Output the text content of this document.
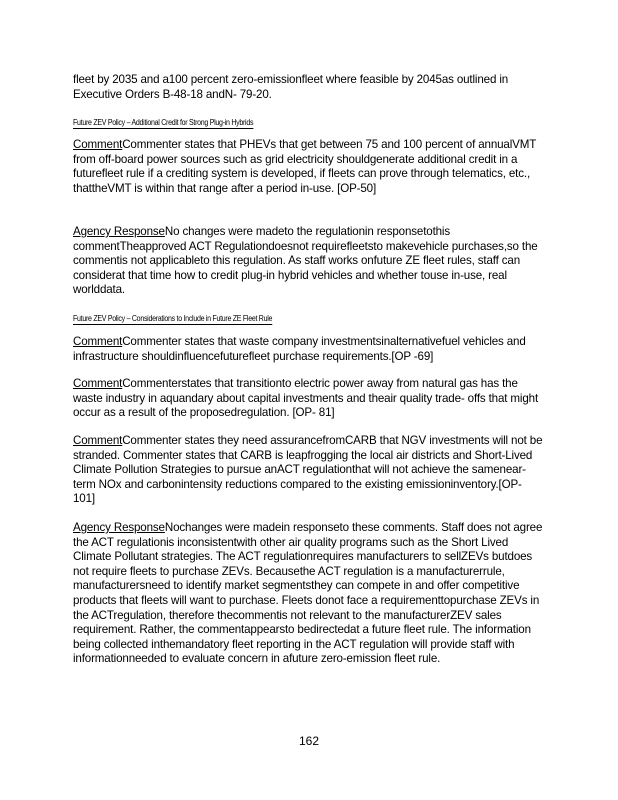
fleet by 2035 and a100 percent zero-emissionfleet where feasible by 2045as outlined in Executive Orders B-48-18 andN- 79-20.

Future ZEV Policy – Additional Credit for Strong Plug-in Hybrids

CommentCommenter states that PHEVs that get between 75 and 100 percent of annualVMT from off-board power sources such as grid electricity shouldgenerate additional credit in a futurefleet rule if a crediting system is developed, if fleets can prove through telematics, etc., thattheVMT is within that range after a period in-use. [OP-50]

Agency ResponseNo changes were madeto the regulationin responsetothis commentTheapproved ACT Regulationdoesnot requirefleetsto makevehicle purchases,so the commentis not applicableto this regulation. As staff works onfuture ZE fleet rules, staff can considerat that time how to credit plug-in hybrid vehicles and whether touse in-use, real worlddata.

Future ZEV Policy – Considerations to Include in Future ZE Fleet Rule

CommentCommenter states that waste company investmentsinalternativefuel vehicles and infrastructure shouldinfluencefuturefleet purchase requirements.[OP -69]

CommentCommenterstates that transitionto electric power away from natural gas has the waste industry in aquandary about capital investments and theair quality trade- offs that might occur as a result of the proposedregulation. [OP- 81]

CommentCommenter states they need assurancefromCARB that NGV investments will not be stranded. Commenter states that CARB is leapfrogging the local air districts and Short-Lived Climate Pollution Strategies to pursue anACT regulationthat will not achieve the samenear- term NOx and carbonintensity reductions compared to the existing emissioninventory.[OP- 101]

Agency ResponseNochanges were madein responseto these comments. Staff does not agree the ACT regulationis inconsistentwith other air quality programs such as the Short Lived Climate Pollutant strategies. The ACT regulationrequires manufacturers to sellZEVs butdoes not require fleets to purchase ZEVs. Becausethe ACT regulation is a manufacturerrule, manufacturersneed to identify market segmentsthey can compete in and offer competitive products that fleets will want to purchase. Fleets donot face a requirementtopurchase ZEVs in the ACTregulation, therefore thecommentis not relevant to the manufacturerZEV sales requirement. Rather, the commentappearsto bedirectedat a future fleet rule. The information being collected inthemandatory fleet reporting in the ACT regulation will provide staff with informationneeded to evaluate concern in afuture zero-emission fleet rule.

162
